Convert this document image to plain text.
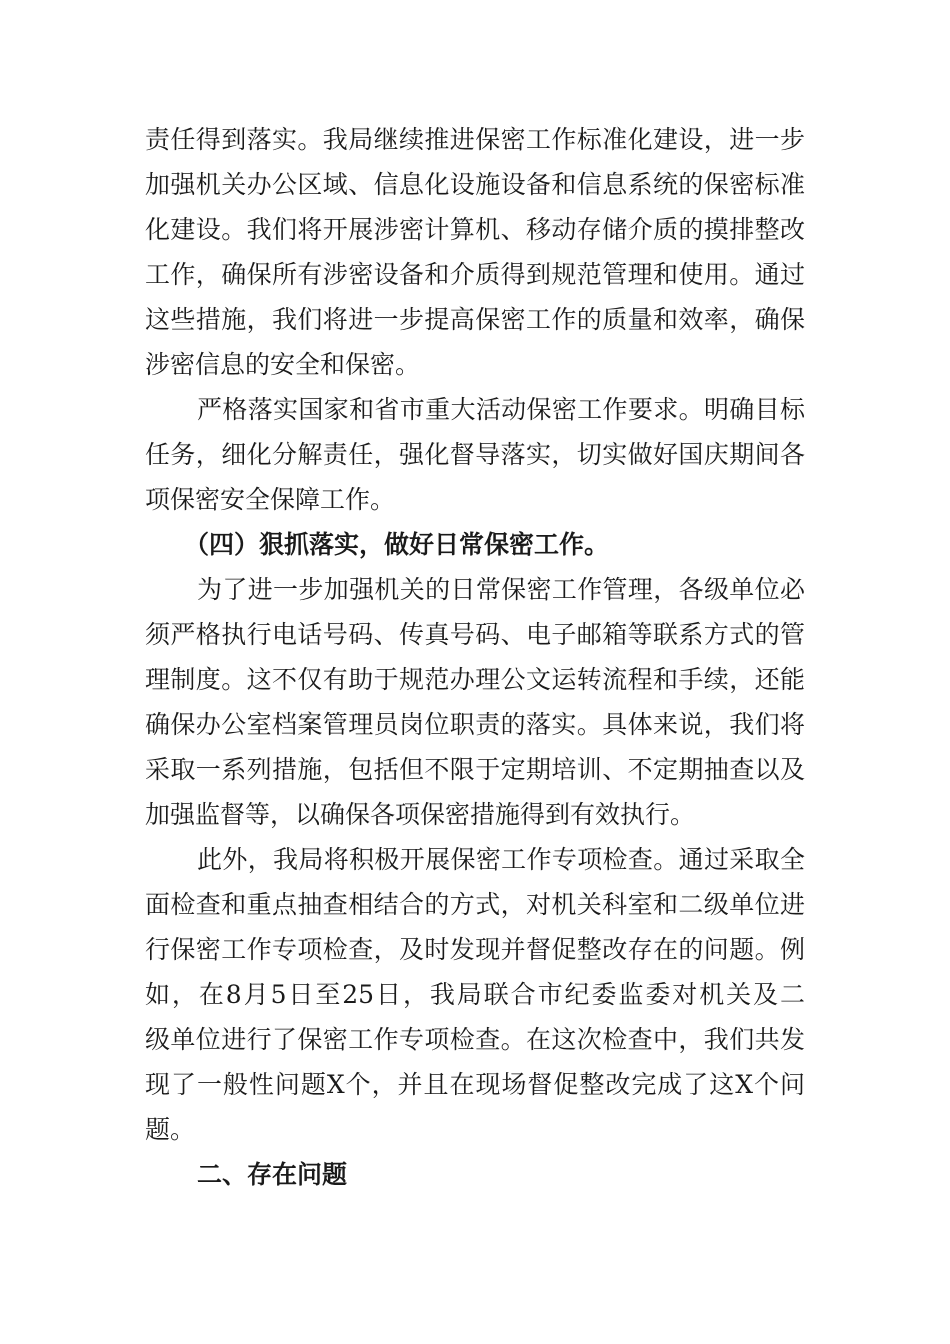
责任得到落实。我局继续推进保密工作标准化建设，进一步
加强机关办公区域、信息化设施设备和信息系统的保密标准
化建设。我们将开展涉密计算机、移动存储介质的摸排整改
工作，确保所有涉密设备和介质得到规范管理和使用。通过
这些措施，我们将进一步提高保密工作的质量和效率，确保
涉密信息的安全和保密。
严格落实国家和省市重大活动保密工作要求。明确目标
任务，细化分解责任，强化督导落实，切实做好国庆期间各
项保密安全保障工作。
（四）狠抓落实，做好日常保密工作。
为了进一步加强机关的日常保密工作管理，各级单位必
须严格执行电话号码、传真号码、电子邮箱等联系方式的管
理制度。这不仅有助于规范办理公文运转流程和手续，还能
确保办公室档案管理员岗位职责的落实。具体来说，我们将
采取一系列措施，包括但不限于定期培训、不定期抽查以及
加强监督等，以确保各项保密措施得到有效执行。
此外，我局将积极开展保密工作专项检查。通过采取全
面检查和重点抽查相结合的方式，对机关科室和二级单位进
行保密工作专项检查，及时发现并督促整改存在的问题。例
如，在8月5日至25日，我局联合市纪委监委对机关及二
级单位进行了保密工作专项检查。在这次检查中，我们共发
现了一般性问题X个，并且在现场督促整改完成了这X个问
题。
二、存在问题
